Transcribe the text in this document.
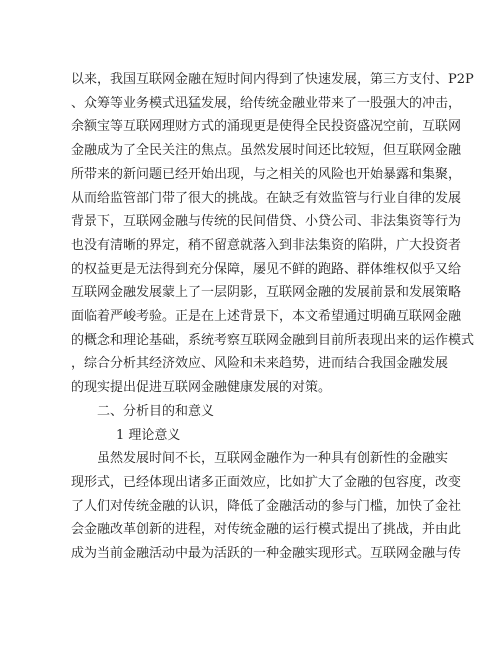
以来，我国互联网金融在短时间内得到了快速发展，第三方支付、P2P
、众筹等业务模式迅猛发展，给传统金融业带来了一股强大的冲击，
余额宝等互联网理财方式的涌现更是使得全民投资盛况空前，互联网
金融成为了全民关注的焦点。虽然发展时间还比较短，但互联网金融
所带来的新问题已经开始出现，与之相关的风险也开始暴露和集聚，
从而给监管部门带了很大的挑战。在缺乏有效监管与行业自律的发展
背景下，互联网金融与传统的民间借贷、小贷公司、非法集资等行为
也没有清晰的界定，稍不留意就落入到非法集资的陷阱，广大投资者
的权益更是无法得到充分保障，屡见不鲜的跑路、群体维权似乎又给
互联网金融发展蒙上了一层阴影，互联网金融的发展前景和发展策略
面临着严峻考验。正是在上述背景下，本文希望通过明确互联网金融
的概念和理论基础，系统考察互联网金融到目前所表现出来的运作模式
，综合分析其经济效应、风险和未来趋势，进而结合我国金融发展
的现实提出促进互联网金融健康发展的对策。

二、分析目的和意义

1 理论意义

虽然发展时间不长，互联网金融作为一种具有创新性的金融实
现形式，已经体现出诸多正面效应，比如扩大了金融的包容度，改变
了人们对传统金融的认识，降低了金融活动的参与门槛，加快了金社
会金融改革创新的进程，对传统金融的运行模式提出了挑战，并由此
成为当前金融活动中最为活跃的一种金融实现形式。互联网金融与传
